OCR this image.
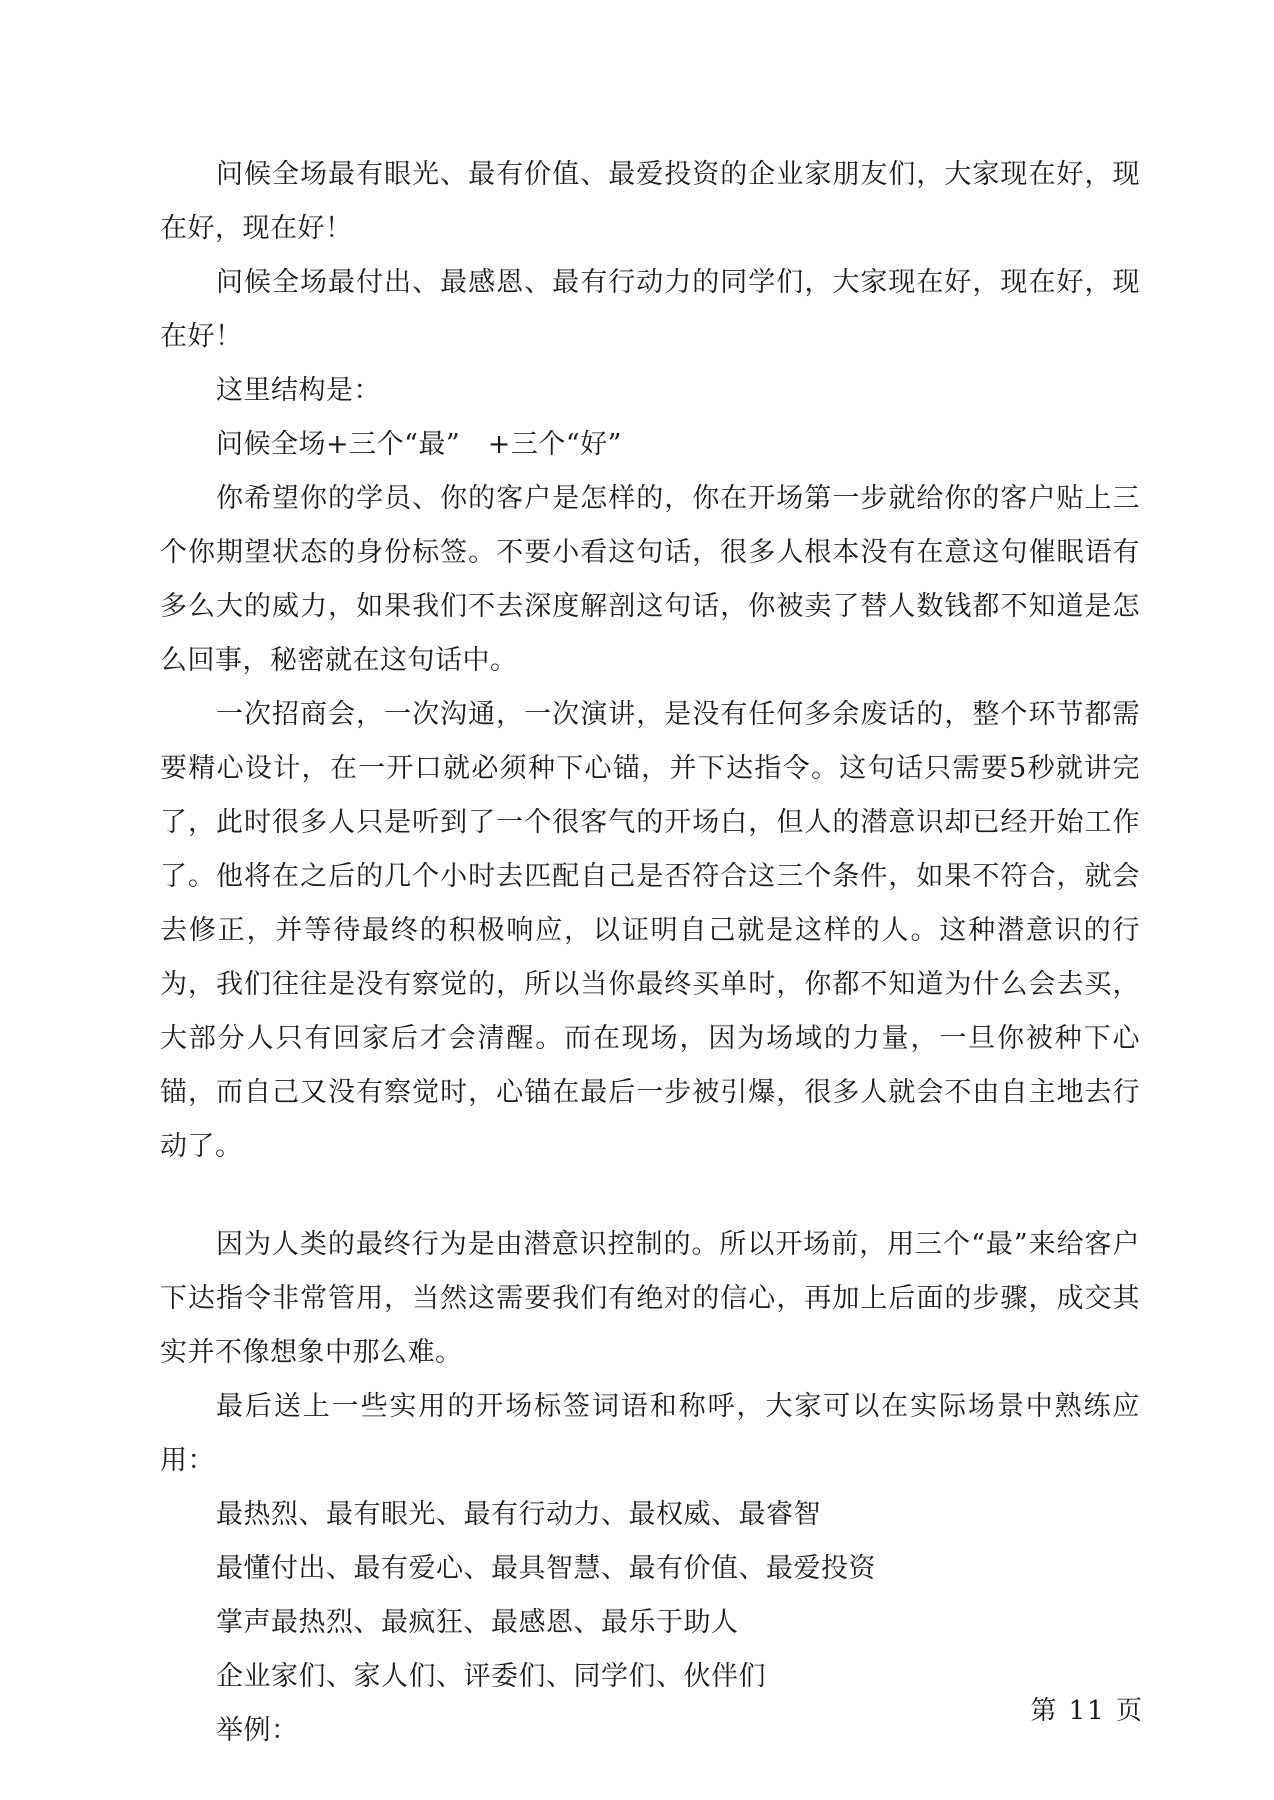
问候全场最有眼光、最有价值、最爱投资的企业家朋友们，大家现在好，现在好，现在好！

问候全场最付出、最感恩、最有行动力的同学们，大家现在好，现在好，现在好！

这里结构是：

问候全场+三个“最”　+三个“好”

你希望你的学员、你的客户是怎样的，你在开场第一步就给你的客户贴上三个你期望状态的身份标签。不要小看这句话，很多人根本没有在意这句催眠语有多么大的威力，如果我们不去深度解剖这句话，你被卖了替人数钱都不知道是怎么回事，秘密就在这句话中。

一次招商会，一次沟通，一次演讲，是没有任何多余废话的，整个环节都需要精心设计，在一开口就必须种下心锚，并下达指令。这句话只需要5秒就讲完了，此时很多人只是听到了一个很客气的开场白，但人的潜意识却已经开始工作了。他将在之后的几个小时去匹配自己是否符合这三个条件，如果不符合，就会去修正，并等待最终的积极响应，以证明自己就是这样的人。这种潜意识的行为，我们往往是没有察觉的，所以当你最终买单时，你都不知道为什么会去买，大部分人只有回家后才会清醒。而在现场，因为场域的力量，一旦你被种下心锚，而自己又没有察觉时，心锚在最后一步被引爆，很多人就会不由自主地去行动了。

因为人类的最终行为是由潜意识控制的。所以开场前，用三个“最”来给客户下达指令非常管用，当然这需要我们有绝对的信心，再加上后面的步骤，成交其实并不像想象中那么难。

最后送上一些实用的开场标签词语和称呼，大家可以在实际场景中熟练应用：

最热烈、最有眼光、最有行动力、最权威、最睿智

最懂付出、最有爱心、最具智慧、最有价值、最爱投资

掌声最热烈、最疯狂、最感恩、最乐于助人

企业家们、家人们、评委们、同学们、伙伴们

举例：

第 11 页
